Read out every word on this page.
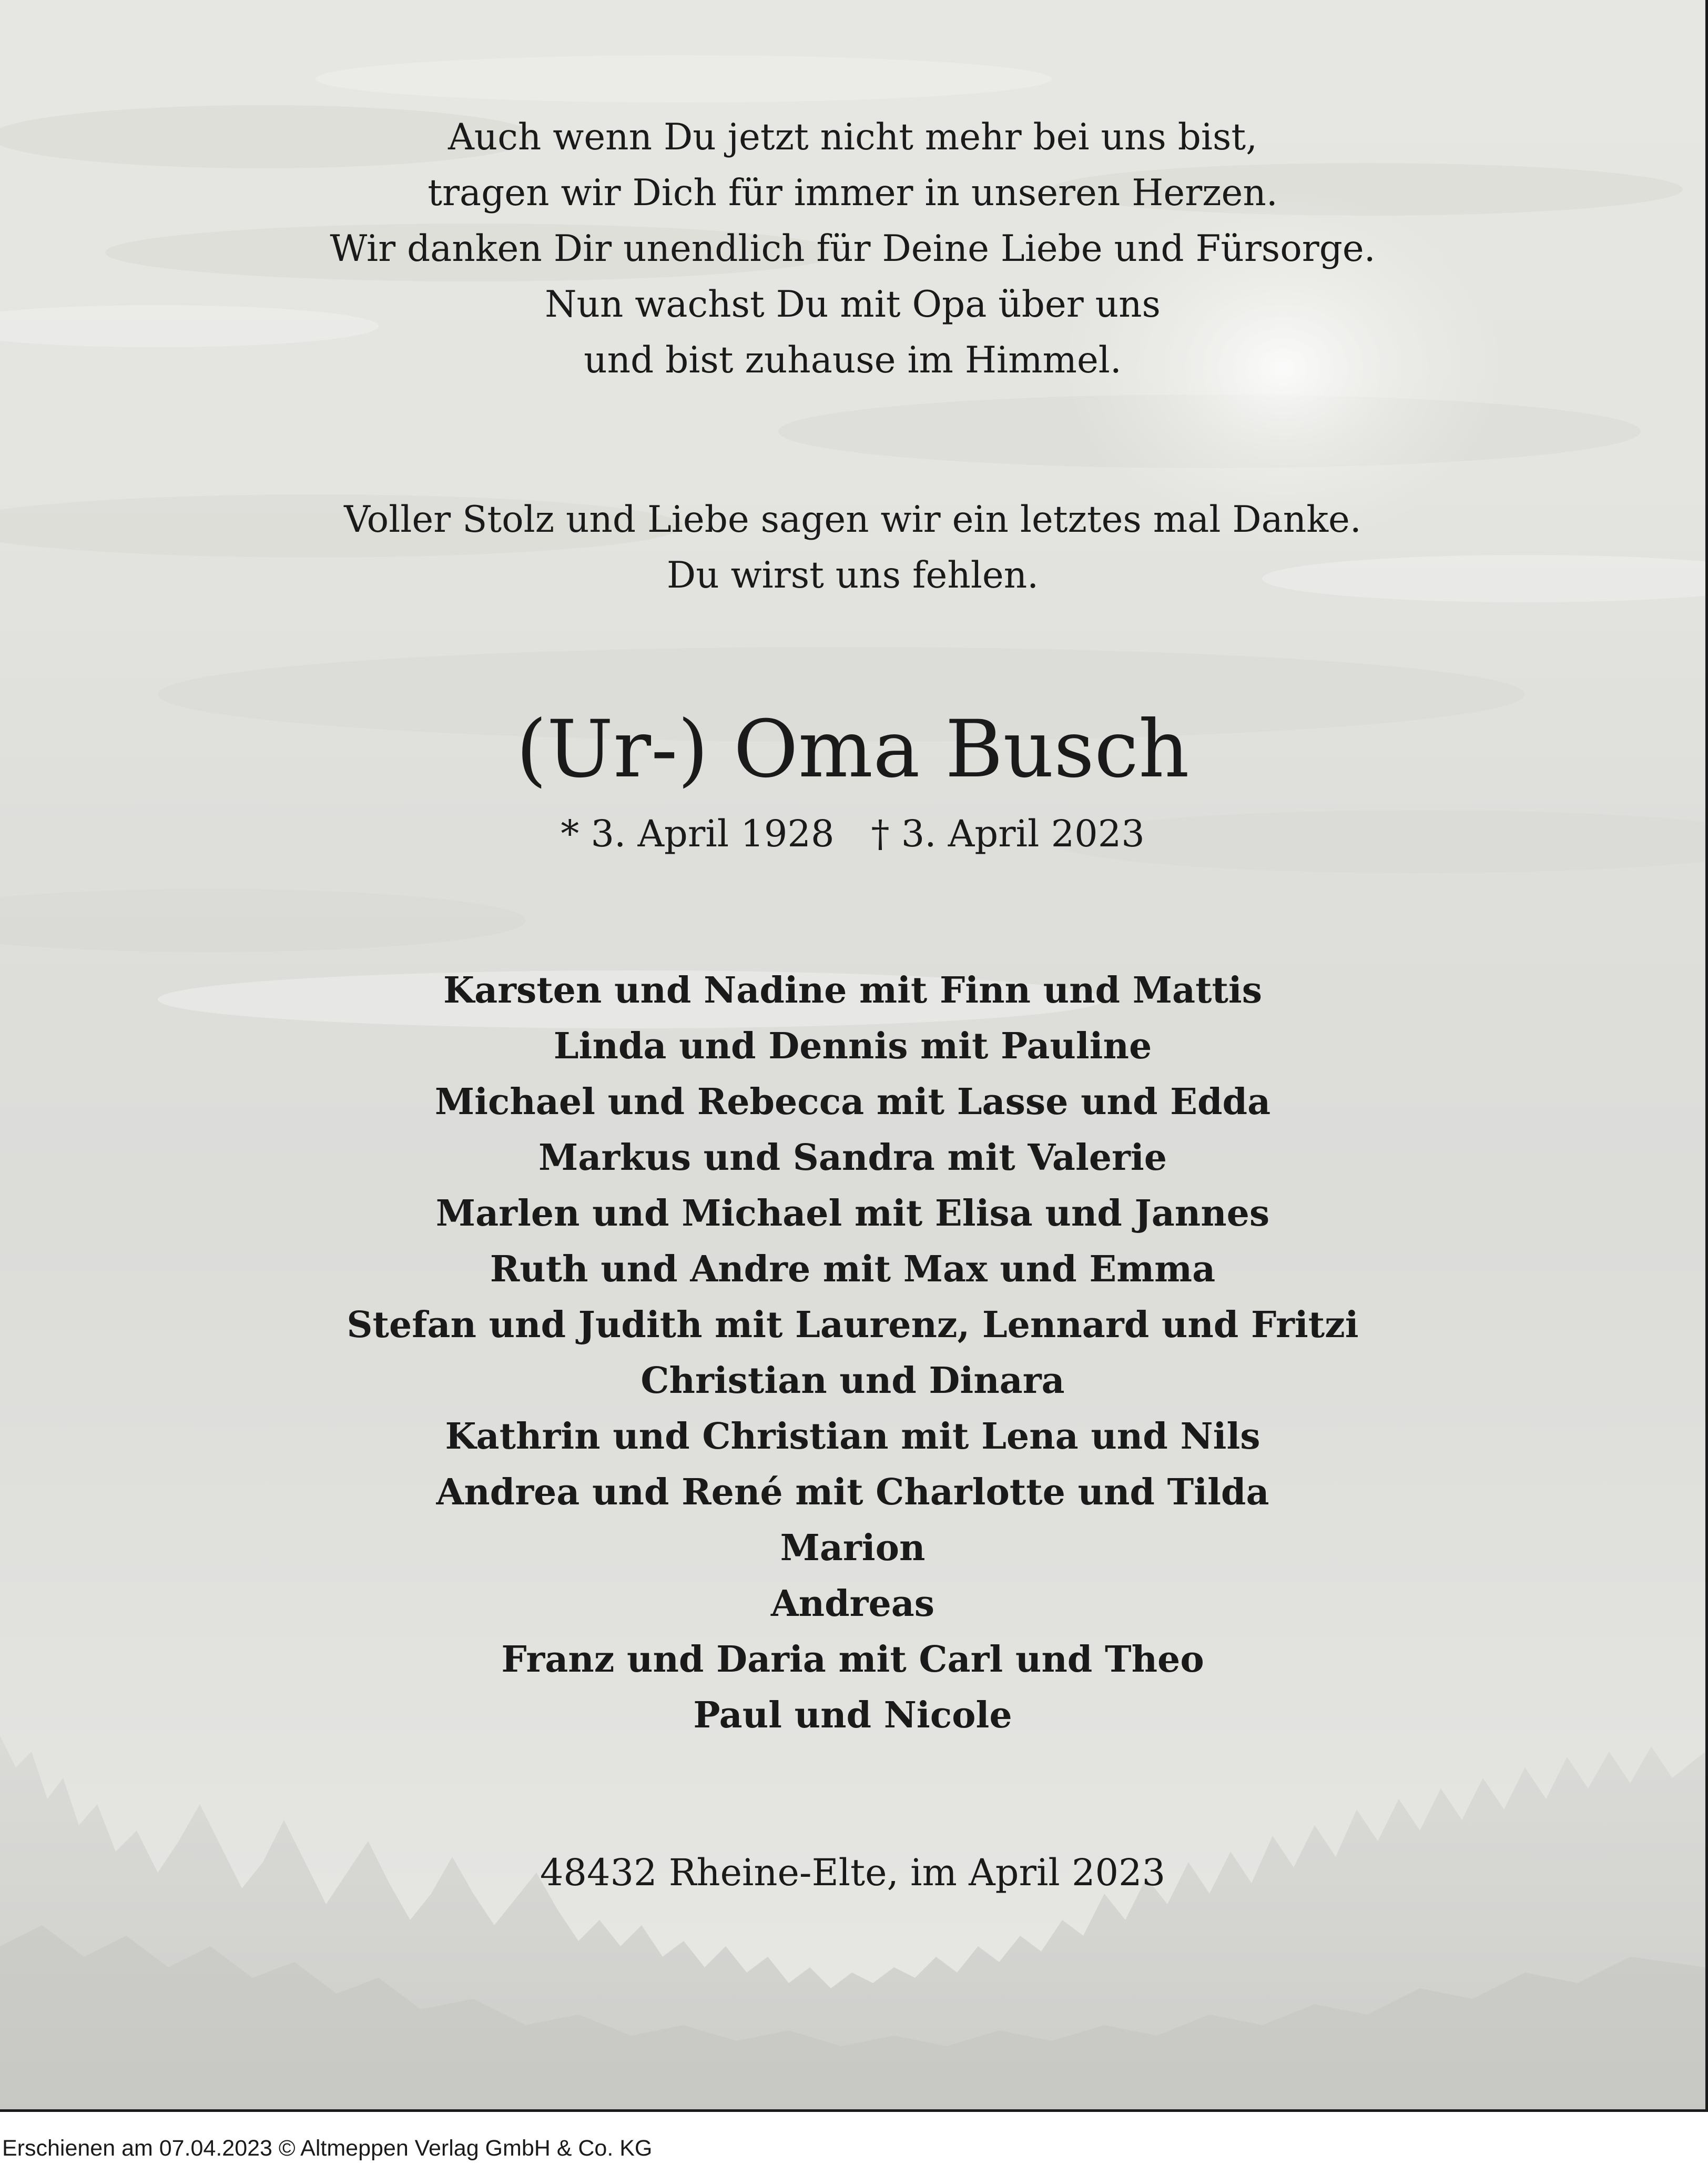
Auch wenn Du jetzt nicht mehr bei uns bist,
tragen wir Dich für immer in unseren Herzen.
Wir danken Dir unendlich für Deine Liebe und Fürsorge.
Nun wachst Du mit Opa über uns
und bist zuhause im Himmel.
Voller Stolz und Liebe sagen wir ein letztes mal Danke.
Du wirst uns fehlen.
(Ur-) Oma Busch
* 3. April 1928 † 3. April 2023
Karsten und Nadine mit Finn und Mattis
Linda und Dennis mit Pauline
Michael und Rebecca mit Lasse und Edda
Markus und Sandra mit Valerie
Marlen und Michael mit Elisa und Jannes
Ruth und Andre mit Max und Emma
Stefan und Judith mit Laurenz, Lennard und Fritzi
Christian und Dinara
Kathrin und Christian mit Lena und Nils
Andrea und René mit Charlotte und Tilda
Marion
Andreas
Franz und Daria mit Carl und Theo
Paul und Nicole
48432 Rheine-Elte, im April 2023
Erschienen am 07.04.2023 © Altmeppen Verlag GmbH & Co. KG
